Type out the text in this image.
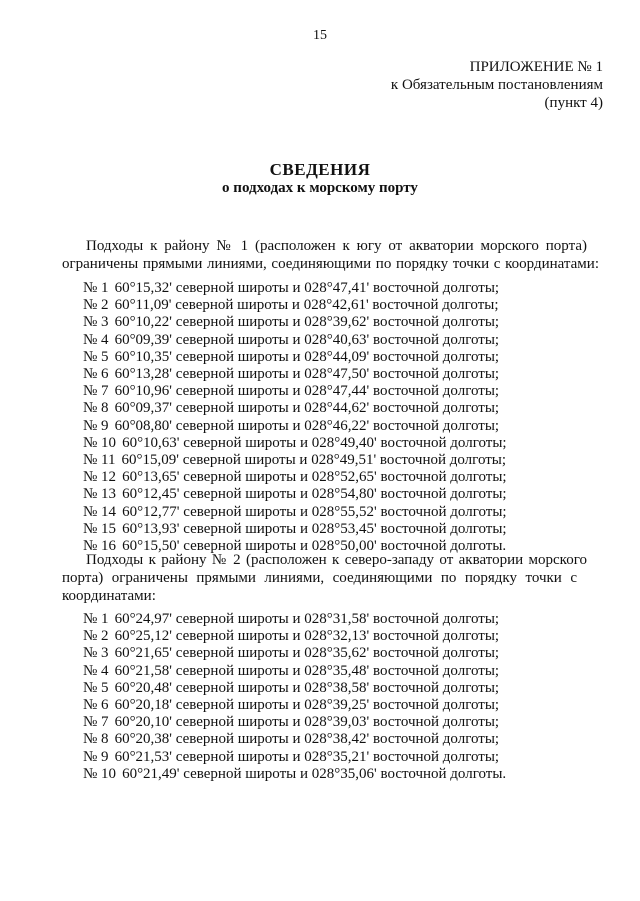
15
ПРИЛОЖЕНИЕ № 1
к Обязательным постановлениям
(пункт 4)
СВЕДЕНИЯ
о подходах к морскому порту
Подходы к району № 1 (расположен к югу от акватории морского порта)
ограничены прямыми линиями, соединяющими по порядку точки с координатами:
№ 1 60°15,32' северной широты и 028°47,41' восточной долготы;
№ 2 60°11,09' северной широты и 028°42,61' восточной долготы;
№ 3 60°10,22' северной широты и 028°39,62' восточной долготы;
№ 4 60°09,39' северной широты и 028°40,63' восточной долготы;
№ 5 60°10,35' северной широты и 028°44,09' восточной долготы;
№ 6 60°13,28' северной широты и 028°47,50' восточной долготы;
№ 7 60°10,96' северной широты и 028°47,44' восточной долготы;
№ 8 60°09,37' северной широты и 028°44,62' восточной долготы;
№ 9 60°08,80' северной широты и 028°46,22' восточной долготы;
№ 10 60°10,63' северной широты и 028°49,40' восточной долготы;
№ 11 60°15,09' северной широты и 028°49,51' восточной долготы;
№ 12 60°13,65' северной широты и 028°52,65' восточной долготы;
№ 13 60°12,45' северной широты и 028°54,80' восточной долготы;
№ 14 60°12,77' северной широты и 028°55,52' восточной долготы;
№ 15 60°13,93' северной широты и 028°53,45' восточной долготы;
№ 16 60°15,50' северной широты и 028°50,00' восточной долготы.
Подходы к району № 2 (расположен к северо-западу от акватории морского
порта) ограничены прямыми линиями, соединяющими по порядку точки с
координатами:
№ 1 60°24,97' северной широты и 028°31,58' восточной долготы;
№ 2 60°25,12' северной широты и 028°32,13' восточной долготы;
№ 3 60°21,65' северной широты и 028°35,62' восточной долготы;
№ 4 60°21,58' северной широты и 028°35,48' восточной долготы;
№ 5 60°20,48' северной широты и 028°38,58' восточной долготы;
№ 6 60°20,18' северной широты и 028°39,25' восточной долготы;
№ 7 60°20,10' северной широты и 028°39,03' восточной долготы;
№ 8 60°20,38' северной широты и 028°38,42' восточной долготы;
№ 9 60°21,53' северной широты и 028°35,21' восточной долготы;
№ 10 60°21,49' северной широты и 028°35,06' восточной долготы.
